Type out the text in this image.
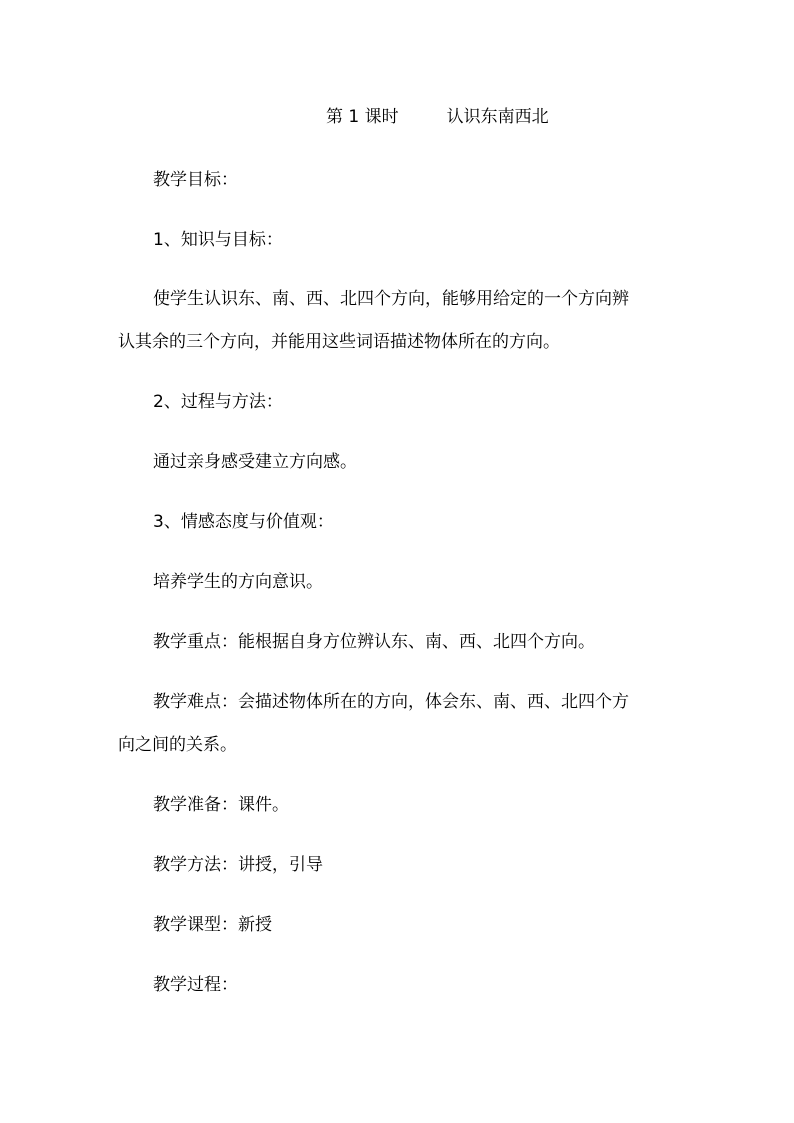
第 1 课时	认识东南西北
教学目标：
1、知识与目标：
使学生认识东、南、西、北四个方向，能够用给定的一个方向辨
认其余的三个方向，并能用这些词语描述物体所在的方向。
2、过程与方法：
通过亲身感受建立方向感。
3、情感态度与价值观：
培养学生的方向意识。
教学重点：能根据自身方位辨认东、南、西、北四个方向。
教学难点：会描述物体所在的方向，体会东、南、西、北四个方
向之间的关系。
教学准备：课件。
教学方法：讲授，引导
教学课型：新授
教学过程：
